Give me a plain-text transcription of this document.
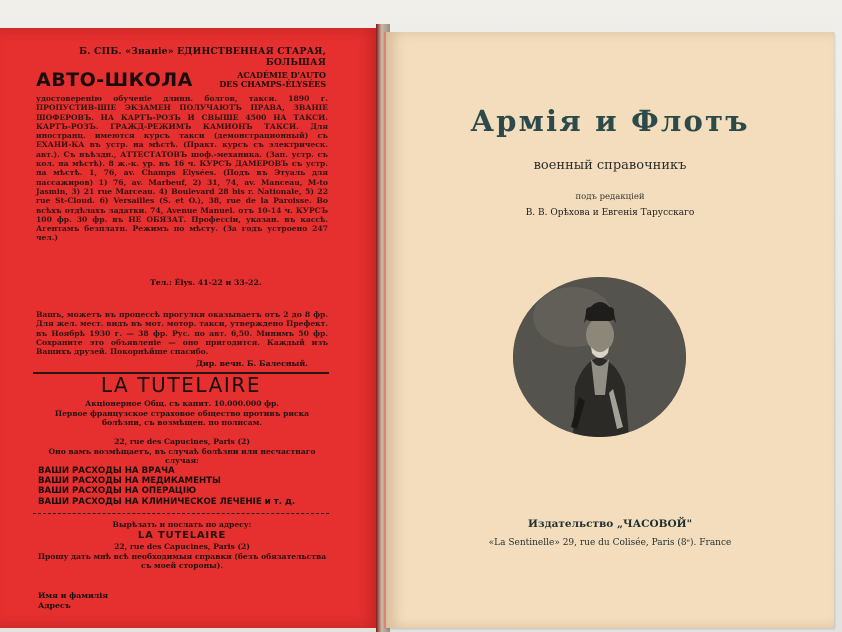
Б. СПБ. «Знаніе» ЕДИНСТВЕННАЯ СТАРАЯ, БОЛЬШАЯ
АВТО-ШКОЛА	ACADÉMIE D'AUTO DES CHAMPS-ÉLYSÉES
удостоверенію обученіе длинн. болгов, такси. 1890 г. ПРОПУСТИВ-ШІЕ ЭКЗАМЕН ПОЛУЧАЮТЪ ПРАВА, ЗВАНІЕ ШОФЕРОВЪ. НА КАРТЪ-РОЗЪ И СВЫШЕ 4500 НА ТАКСИ. КАРТЪ-РОЗЪ. ГРАЖД-РЕЖИМЪ КАМИОНЪ ТАКСИ. Для иностранц. имеются курсъ такси (демонстрационный) съ ЕХАНИ-КА въ устр. на мѣстѣ. (Практ. курсъ съ электрическ. авт.). Съ въѣздн., АТТЕСТАТОВЪ шоф.-механика. (Зап. устр. съ кол. на мѣстѣ). 8 ж.-к. ур. въ 16 ч. КУРСЪ ДАМЕРОВЪ съ устр. на мѣстѣ. 1, 76, av. Champs Elysées. (Подъ въ Этуаль для пассажиров) 1) 76, av. Marbeuf, 2) 31, 74, av. Manceau, M-to Jasmin, 3) 21 rue Marceau. 4) Boulevard 28 bis r. Nationale, 5) 22 rue St-Cloud. 6) Versailles (S. et O.), 38, rue de la Paroisse. Во всѣхъ отдѣлахъ задатки. 74, Avenue Manuel. отъ 10-14 ч. КУРСЪ 100 фр. 30 фр. въ НЕ ОБЯЗАТ. Профессіи, указан. въ кассѣ. Агентамъ безплатн. Режимъ по мѣсту. (За годъ устроено 247 чел.)
Тел.: Élys. 41-22 и 33-22.
Вашъ, можетъ въ процессѣ прогулки оказываетъ отъ 2 до 8 фр. Для жел. мест. видъ въ мот. мотор. такси, утверждено Префект. въ Ноябрѣ 1930 г. — 38 фр. Рус. по авт. 6,50. Минимъ 50 фр. Сохраните это объявленіе — оно пригодится. Каждый изъ Вашихъ друзей. Покорнѣйше спасибо.
Дир. вечн. Б. Балесный.
LA TUTELAIRE
Акціонерное Общ. съ капит. 10.000.000 фр.
Первое французское страховое общество противъ риска болѣзни, съ возмѣщен. по полисам.
22, rue des Capucines, Paris (2)
Оно вамъ возмѣщаетъ, въ случаѣ болѣзни или несчастнаго случая:
ВАШИ РАСХОДЫ НА ВРАЧА
ВАШИ РАСХОДЫ НА МЕДИКАМЕНТЫ
ВАШИ РАСХОДЫ НА ОПЕРАЦІЮ
ВАШИ РАСХОДЫ НА КЛИНИЧЕСКОЕ ЛЕЧЕНІЕ и т. д.
Вырѣзать и послать по адресу:
LA TUTELAIRE
22, rue des Capucines, Paris (2)
Прошу дать мнѣ всѣ необходимыя справки (безъ обязательства съ моей стороны).
Имя и фамилія
Адресъ
Армія и Флотъ
военный справочникъ
подъ редакціей
В. В. Орѣхова и Евгенія Тарусскаго
Издательство „ЧАСОВОЙ"
«La Sentinelle» 29, rue du Colisée, Paris (8ᵉ). France
